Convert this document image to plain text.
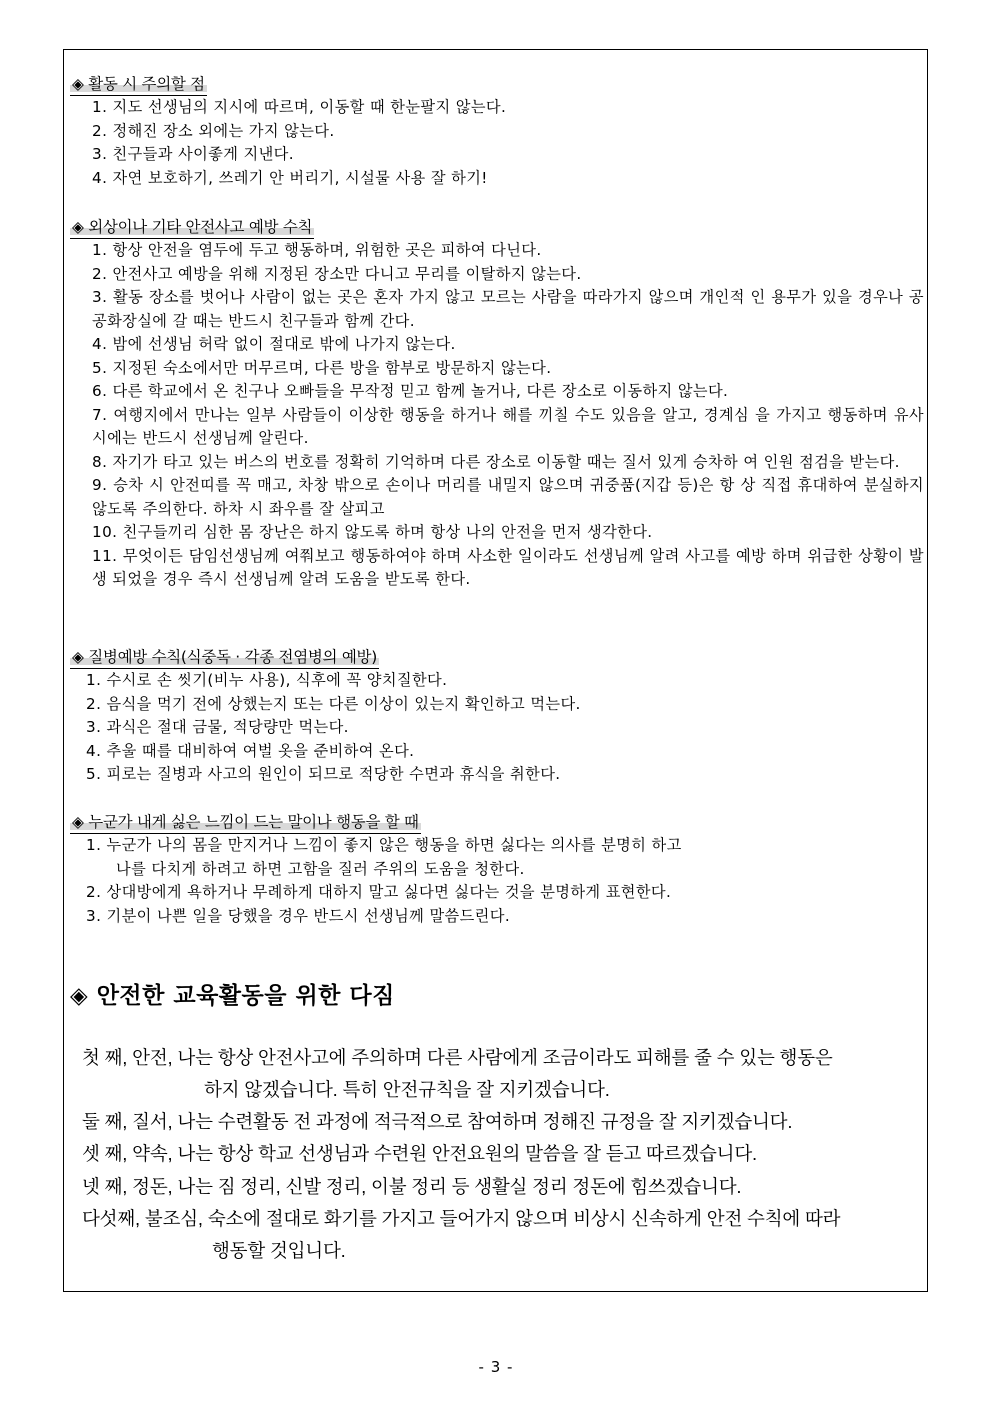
◈ 활동 시 주의할 점
1. 지도 선생님의 지시에 따르며, 이동할 때 한눈팔지 않는다.
2. 정해진 장소 외에는 가지 않는다.
3. 친구들과 사이좋게 지낸다.
4. 자연 보호하기, 쓰레기 안 버리기, 시설물 사용 잘 하기!
◈ 외상이나 기타 안전사고 예방 수칙
1. 항상 안전을 염두에 두고 행동하며, 위험한 곳은 피하여 다닌다.
2. 안전사고 예방을 위해 지정된 장소만 다니고 무리를 이탈하지 않는다.
3. 활동 장소를 벗어나 사람이 없는 곳은 혼자 가지 않고 모르는 사람을 따라가지 않으며 개인적 인 용무가 있을 경우나 공공화장실에 갈 때는 반드시 친구들과 함께 간다.
4. 밤에 선생님 허락 없이 절대로 밖에 나가지 않는다.
5. 지정된 숙소에서만 머무르며, 다른 방을 함부로 방문하지 않는다.
6. 다른 학교에서 온 친구나 오빠들을 무작정 믿고 함께 놀거나, 다른 장소로 이동하지 않는다.
7. 여행지에서 만나는 일부 사람들이 이상한 행동을 하거나 해를 끼칠 수도 있음을 알고, 경계심 을 가지고 행동하며 유사시에는 반드시 선생님께 알린다.
8. 자기가 타고 있는 버스의 번호를 정확히 기억하며 다른 장소로 이동할 때는 질서 있게 승차하 여 인원 점검을 받는다.
9. 승차 시 안전띠를 꼭 매고, 차창 밖으로 손이나 머리를 내밀지 않으며 귀중품(지갑 등)은 항 상 직접 휴대하여 분실하지 않도록 주의한다. 하차 시 좌우를 잘 살피고
10. 친구들끼리 심한 몸 장난은 하지 않도록 하며 항상 나의 안전을 먼저 생각한다.
11. 무엇이든 담임선생님께 여쭤보고 행동하여야 하며 사소한 일이라도 선생님께 알려 사고를 예방 하며 위급한 상황이 발생 되었을 경우 즉시 선생님께 알려 도움을 받도록 한다.
◈ 질병예방 수칙(식중독 · 각종 전염병의 예방)
1. 수시로 손 씻기(비누 사용), 식후에 꼭 양치질한다.
2. 음식을 먹기 전에 상했는지 또는 다른 이상이 있는지 확인하고 먹는다.
3. 과식은 절대 금물, 적당량만 먹는다.
4. 추울 때를 대비하여 여벌 옷을 준비하여 온다.
5. 피로는 질병과 사고의 원인이 되므로 적당한 수면과 휴식을 취한다.
◈ 누군가 내게 싫은 느낌이 드는 말이나 행동을 할 때
1. 누군가 나의 몸을 만지거나 느낌이 좋지 않은 행동을 하면 싫다는 의사를 분명히 하고
나를 다치게 하려고 하면 고함을 질러 주위의 도움을 청한다.
2. 상대방에게 욕하거나 무례하게 대하지 말고 싫다면 싫다는 것을 분명하게 표현한다.
3. 기분이 나쁜 일을 당했을 경우 반드시 선생님께 말씀드린다.
◈ 안전한 교육활동을 위한 다짐
첫 째, 안전, 나는 항상 안전사고에 주의하며 다른 사람에게 조금이라도 피해를 줄 수 있는 행동은
하지 않겠습니다. 특히 안전규칙을 잘 지키겠습니다.
둘 째, 질서, 나는 수련활동 전 과정에 적극적으로 참여하며 정해진 규정을 잘 지키겠습니다.
셋 째, 약속, 나는 항상 학교 선생님과 수련원 안전요원의 말씀을 잘 듣고 따르겠습니다.
넷 째, 정돈, 나는 짐 정리, 신발 정리, 이불 정리 등 생활실 정리 정돈에 힘쓰겠습니다.
다섯째, 불조심, 숙소에 절대로 화기를 가지고 들어가지 않으며 비상시 신속하게 안전 수칙에 따라
행동할 것입니다.
- 3 -
